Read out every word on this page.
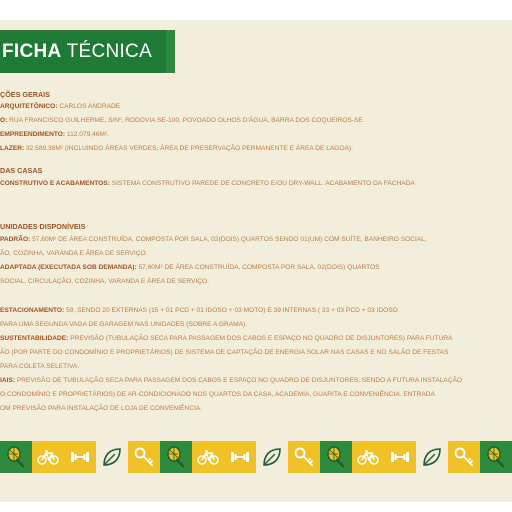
FICHA TÉCNICA
ÇÕES GERAIS
ARQUITETÔNICO: CARLOS ANDRADE
O: RUA FRANCISCO GUILHERME, S/Nº, RODOVIA SE-100, POVOADO OLHOS D'ÁGUA, BARRA DOS COQUEIROS-SE
EMPREENDIMENTO: 112.079,46M².
LAZER: 32.589,38M² (INCLUINDO ÁREAS VERDES, ÁREA DE PRESERVAÇÃO PERMANENTE E ÁREA DE LAGOA).
DAS CASAS
CONSTRUTIVO E ACABAMENTOS: SISTEMA CONSTRUTIVO PAREDE DE CONCRETO E/OU DRY-WALL. ACABAMENTO DA FACHADA
UNIDADES DISPONÍVEIS
PADRÃO: 57,60M² DE ÁREA CONSTRUÍDA, COMPOSTA POR SALA, 02(DOIS) QUARTOS SENDO 01(UM) COM SUÍTE, BANHEIRO SOCIAL,
ÃO, COZINHA, VARANDA E ÁREA DE SERVIÇO.
ADAPTADA (EXECUTADA SOB DEMANDA): 57,60M² DE ÁREA CONSTRUÍDA, COMPOSTA POR SALA, 02(DOIS) QUARTOS
SOCIAL, CIRCULAÇÃO, COZINHA, VARANDA E ÁREA DE SERVIÇO.
ESTACIONAMENTO: 59, SENDO 20 EXTERNAS (15 + 01 PCD + 01 IDOSO + 03 MOTO) E 39 INTERNAS ( 33 + 03 PCD + 03 IDOSO
PARA UMA SEGUNDA VAGA DE GARAGEM NAS UNIDADES (SOBRE A GRAMA).
SUSTENTABILIDADE: PREVISÃO (TUBULAÇÃO SECA PARA PASSAGEM DOS CABOS E ESPAÇO NO QUADRO DE DISJUNTORES) PARA FUTURA
ÃO (POR PARTE DO CONDOMÍNIO E PROPRIETÁRIOS) DE SISTEMA DE CAPTAÇÃO DE ENERGIA SOLAR NAS CASAS E NO SALÃO DE FESTAS
PARA COLETA SELETIVA.
IAIS: PREVISÃO DE TUBULAÇÃO SECA PARA PASSAGEM DOS CABOS E ESPAÇO NO QUADRO DE DISJUNTORES, SENDO A FUTURA INSTALAÇÃO
O CONDOMÍNIO E PROPRIETÁRIOS) DE AR-CONDICIONADO NOS QUARTOS DA CASA, ACADEMIA, GUARITA E CONVENIÊNCIA. ENTRADA
OM PREVISÃO PARA INSTALAÇÃO DE LOJA DE CONVENIÊNCIA.
